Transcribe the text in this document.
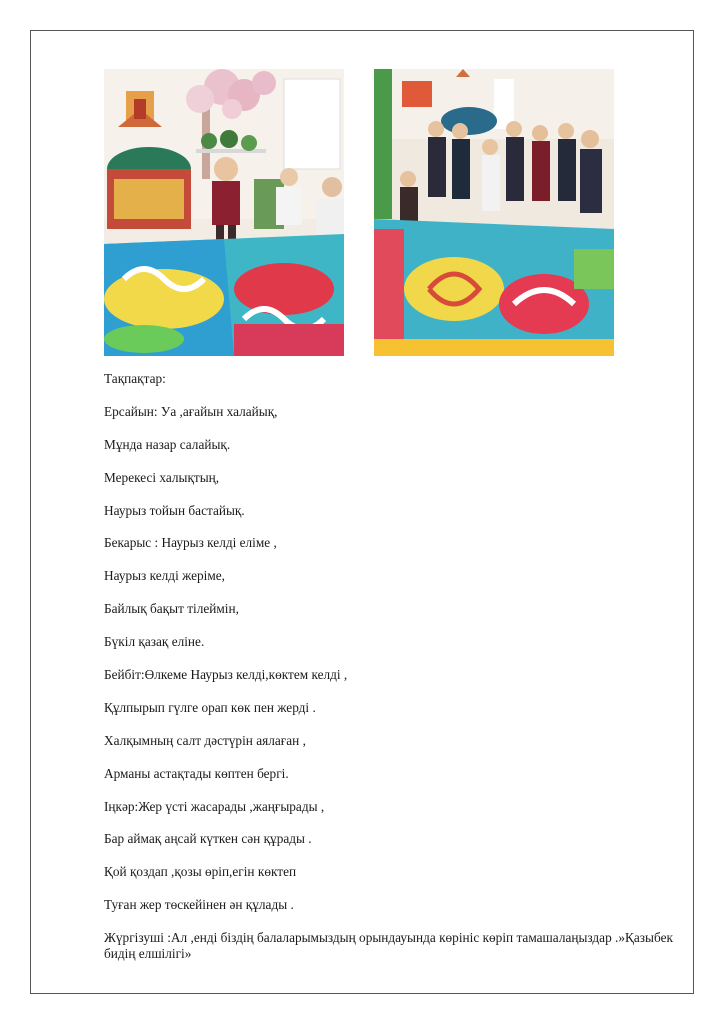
Тақпақтар:

Ерсайын: Уа ,ағайын халайық,

Мұнда назар салайық.

Мерекесі халықтың,

Наурыз тойын бастайық.

Бекарыс : Наурыз келді еліме ,

Наурыз келді жеріме,

Байлық бақыт тілеймін,

Бүкіл қазақ еліне.

Бейбіт:Өлкеме Наурыз келді,көктем келді ,

Құлпырып гүлге орап көк пен жерді .

Халқымның салт дәстүрін аялаған ,

Арманы астақтады көптен бергі.

Іңкәр:Жер үсті жасарады ,жаңғырады ,

Бар аймақ аңсай күткен сән құрады .

Қой қоздап ,қозы өріп,егін көктеп

Туған жер төскейінен ән құлады .

Жүргізуші :Ал ,енді біздің балаларымыздың орындауында көрініс көріп тамашалаңыздар .»Қазыбек бидің елшілігі»
